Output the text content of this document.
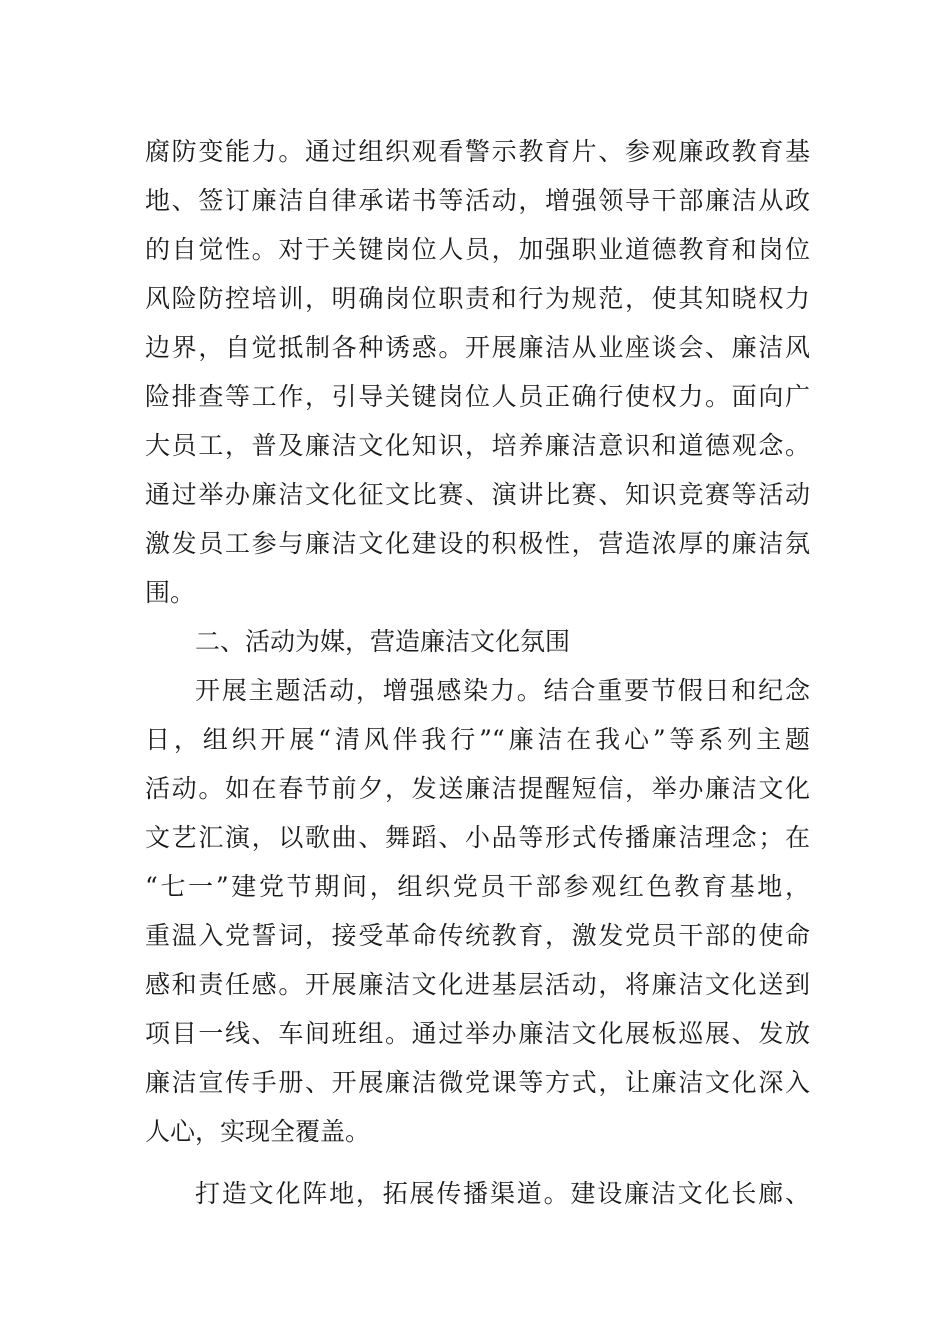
腐防变能力。通过组织观看警示教育片、参观廉政教育基
地、签订廉洁自律承诺书等活动，增强领导干部廉洁从政
的自觉性。对于关键岗位人员，加强职业道德教育和岗位
风险防控培训，明确岗位职责和行为规范，使其知晓权力
边界，自觉抵制各种诱惑。开展廉洁从业座谈会、廉洁风
险排查等工作，引导关键岗位人员正确行使权力。面向广
大员工，普及廉洁文化知识，培养廉洁意识和道德观念。
通过举办廉洁文化征文比赛、演讲比赛、知识竞赛等活动
激发员工参与廉洁文化建设的积极性，营造浓厚的廉洁氛
围。
二、活动为媒，营造廉洁文化氛围
开展主题活动，增强感染力。结合重要节假日和纪念
日，组织开展“清风伴我行”“廉洁在我心”等系列主题
活动。如在春节前夕，发送廉洁提醒短信，举办廉洁文化
文艺汇演，以歌曲、舞蹈、小品等形式传播廉洁理念；在
“七一”建党节期间，组织党员干部参观红色教育基地，
重温入党誓词，接受革命传统教育，激发党员干部的使命
感和责任感。开展廉洁文化进基层活动，将廉洁文化送到
项目一线、车间班组。通过举办廉洁文化展板巡展、发放
廉洁宣传手册、开展廉洁微党课等方式，让廉洁文化深入
人心，实现全覆盖。
打造文化阵地，拓展传播渠道。建设廉洁文化长廊、
